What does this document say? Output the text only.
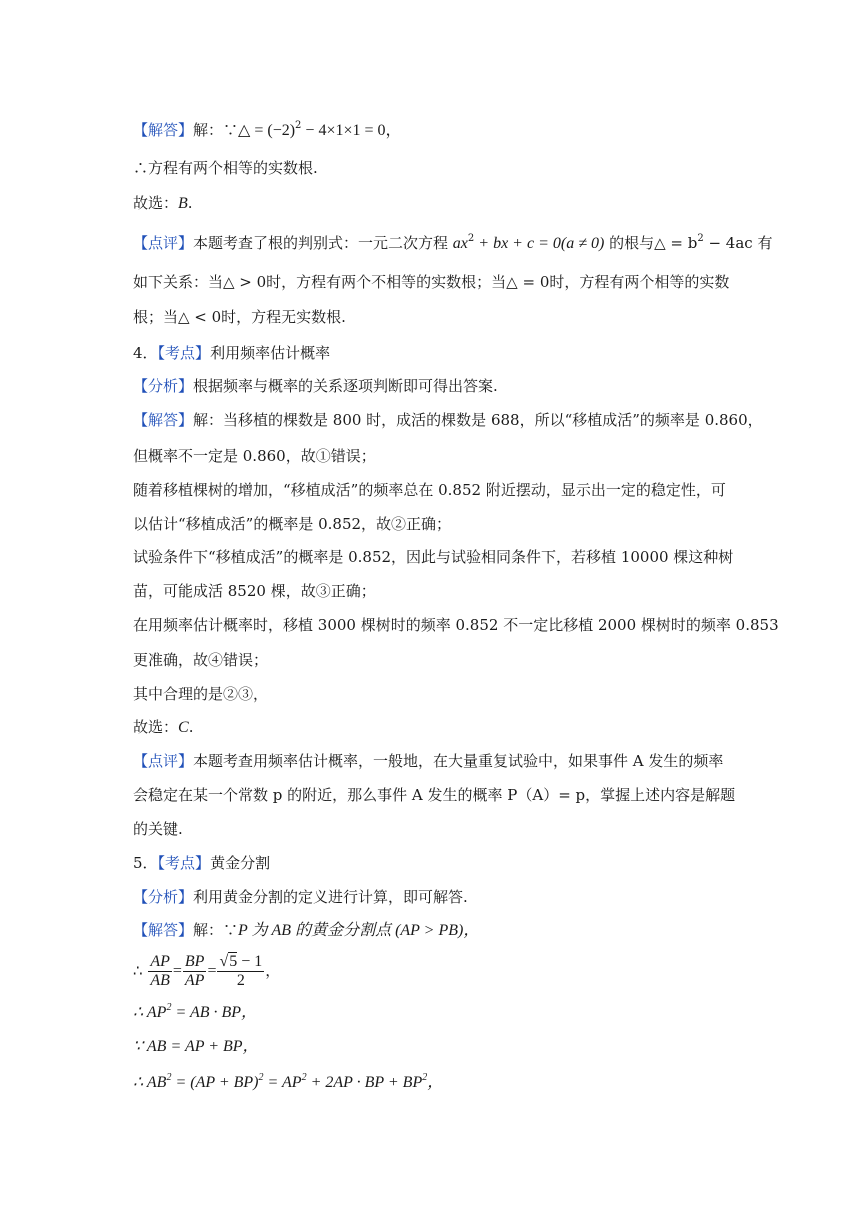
【解答】解：∵△ = $(-2)^2 - 4\times 1\times 1 = 0$，
∴方程有两个相等的实数根.
故选：B.
【点评】本题考查了根的判别式：一元二次方程 $ax^2$ + bx + c = 0(a ≠ 0) 的根与△ = $b^2 - 4ac$ 有
如下关系：当△ > 0时，方程有两个不相等的实数根；当△ = 0时，方程有两个相等的实数
根；当△ < 0时，方程无实数根.
4．【考点】利用频率估计概率
【分析】根据频率与概率的关系逐项判断即可得出答案.
【解答】解：当移植的棵数是 800 时，成活的棵数是 688，所以“移植成活”的频率是 0.860，
但概率不一定是 0.860，故①错误；
随着移植棵树的增加，“移植成活”的频率总在 0.852 附近摆动，显示出一定的稳定性，可
以估计“移植成活”的概率是 0.852，故②正确；
试验条件下“移植成活”的概率是 0.852，因此与试验相同条件下，若移植 10000 棵这种树
苗，可能成活 8520 棵，故③正确；
在用频率估计概率时，移植 3000 棵树时的频率 0.852 不一定比移植 2000 棵树时的频率 0.853
更准确，故④错误；
其中合理的是②③，
故选：C.
【点评】本题考查用频率估计概率，一般地，在大量重复试验中，如果事件 A 发生的频率
会稳定在某一个常数 p 的附近，那么事件 A 发生的概率 P（A）= p，掌握上述内容是解题
的关键.
5．【考点】黄金分割
【分析】利用黄金分割的定义进行计算，即可解答.
【解答】解：∵P 为 AB 的黄金分割点 (AP > PB)，
∴ $\frac{AP}{AB} = \frac{BP}{AP} = \frac{√5 - 1}{2}$ ，
∴ $AP^2$ = AB · BP，
∵ AB = AP + BP，
∴ $AB^2 = (AP + BP)^2 = AP^2 + 2AP$ · BP + $BP^2$，
